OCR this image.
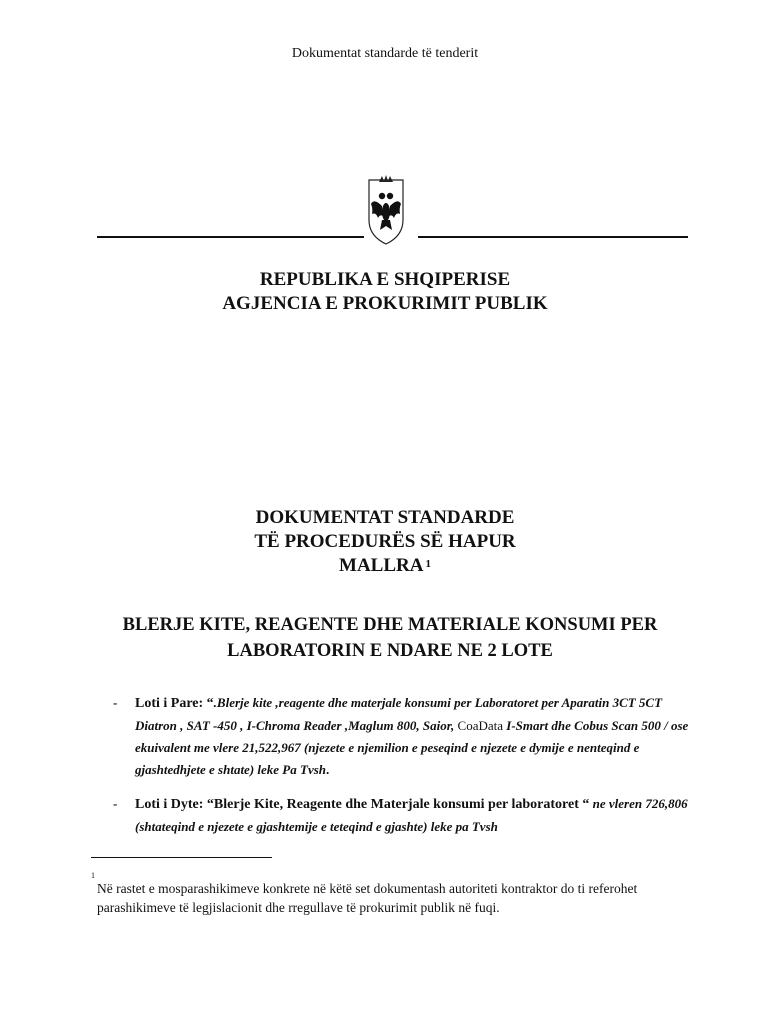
Dokumentat standarde të tenderit
REPUBLIKA E SHQIPERISE
AGJENCIA E PROKURIMIT PUBLIK
DOKUMENTAT STANDARDE
TË PROCEDURËS SË HAPUR
MALLRA $^1$
BLERJE KITE, REAGENTE DHE MATERIALE KONSUMI PER
LABORATORIN E NDARE NE 2 LOTE
- Loti i Pare: “.Blerje kite ,reagente dhe materjale konsumi per Laboratoret per Aparatin 3CT 5CT Diatron , SAT -450 , I-Chroma Reader ,Maglum 800, Saior, CoaData I-Smart dhe Cobus Scan 500 / ose ekuivalent me vlere 21,522,967 (njezete e njemilion e peseqind e njezete e dymije e nenteqind e gjashtedhjete e shtate) leke Pa Tvsh.
- Loti i Dyte: “Blerje Kite, Reagente dhe Materjale konsumi per laboratoret “ ne vleren 726,806 (shtateqind e njezete e gjashtemije e teteqind e gjashte) leke pa Tvsh
1
Në rastet e mosparashikimeve konkrete në këtë set dokumentash autoriteti kontraktor do ti referohet parashikimeve të legjislacionit dhe rregullave të prokurimit publik në fuqi.
